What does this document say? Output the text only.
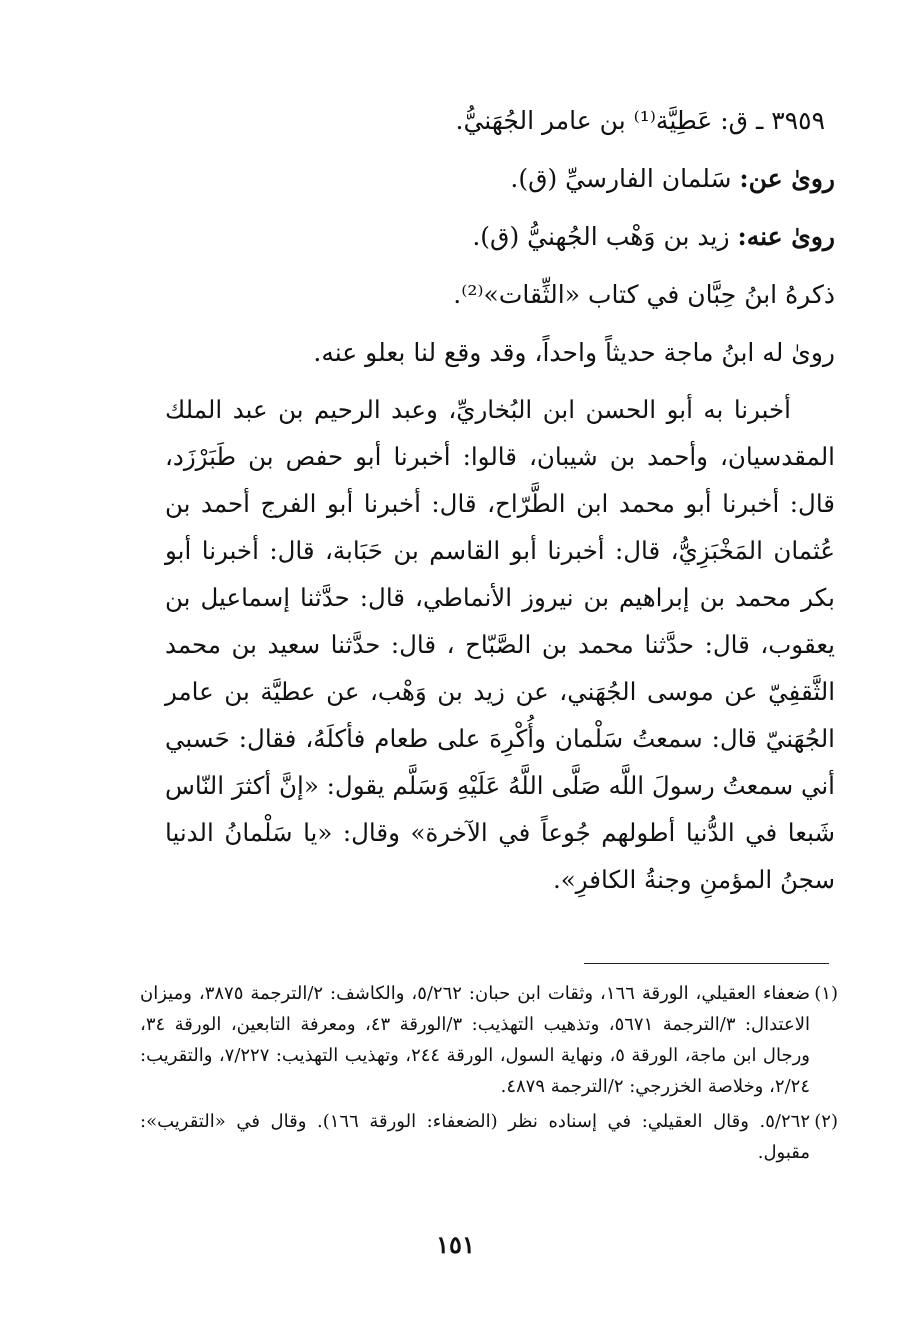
٣٩٥٩ ـ ق: عَطِيَّة⁽¹⁾ بن عامر الجُهَنيُّ.
روىٰ عن: سَلمان الفارسيِّ (ق).
روىٰ عنه: زيد بن وَهْب الجُهنيُّ (ق).
ذكرهُ ابنُ حِبَّان في كتاب «الثِّقات»⁽²⁾.
روىٰ له ابنُ ماجة حديثاً واحداً، وقد وقع لنا بعلو عنه.

أخبرنا به أبو الحسن ابن البُخاريِّ، وعبد الرحيم بن عبد الملك المقدسيان، وأحمد بن شيبان، قالوا: أخبرنا أبو حفص بن طَبَرْزَد، قال: أخبرنا أبو محمد ابن الطَّرّاح، قال: أخبرنا أبو الفرج أحمد بن عُثمان المَخْبَزِيُّ، قال: أخبرنا أبو القاسم بن حَبَابة، قال: أخبرنا أبو بكر محمد بن إبراهيم بن نيروز الأنماطي، قال: حدَّثنا إسماعيل بن يعقوب، قال: حدَّثنا محمد بن الصَّبّاح ، قال: حدَّثنا سعيد بن محمد الثَّقفِيّ عن موسى الجُهَني، عن زيد بن وَهْب، عن عطيَّة بن عامر الجُهَنيّ قال: سمعتُ سَلْمان وأُكْرِهَ على طعام فأكلَهُ، فقال: حَسبي أني سمعتُ رسولَ اللَّه صَلَّى اللَّهُ عَلَيْهِ وَسَلَّم يقول: «إنَّ أكثرَ النّاس شَبعا في الدُّنيا أطولهم جُوعاً في الآخرة» وقال: «يا سَلْمانُ الدنيا سجنُ المؤمنِ وجنةُ الكافرِ».

(١)
ضعفاء العقيلي، الورقة ١٦٦، وثقات ابن حبان: ٥/٢٦٢، والكاشف: ٢/الترجمة ٣٨٧٥، وميزان الاعتدال: ٣/الترجمة ٥٦٧١، وتذهيب التهذيب: ٣/الورقة ٤٣، ومعرفة التابعين، الورقة ٣٤، ورجال ابن ماجة، الورقة ٥، ونهاية السول، الورقة ٢٤٤، وتهذيب التهذيب: ٧/٢٢٧، والتقريب: ٢/٢٤، وخلاصة الخزرجي: ٢/الترجمة ٤٨٧٩.
(٢)
٥/٢٦٢. وقال العقيلي: في إسناده نظر (الضعفاء: الورقة ١٦٦). وقال في «التقريب»: مقبول.
١٥١
